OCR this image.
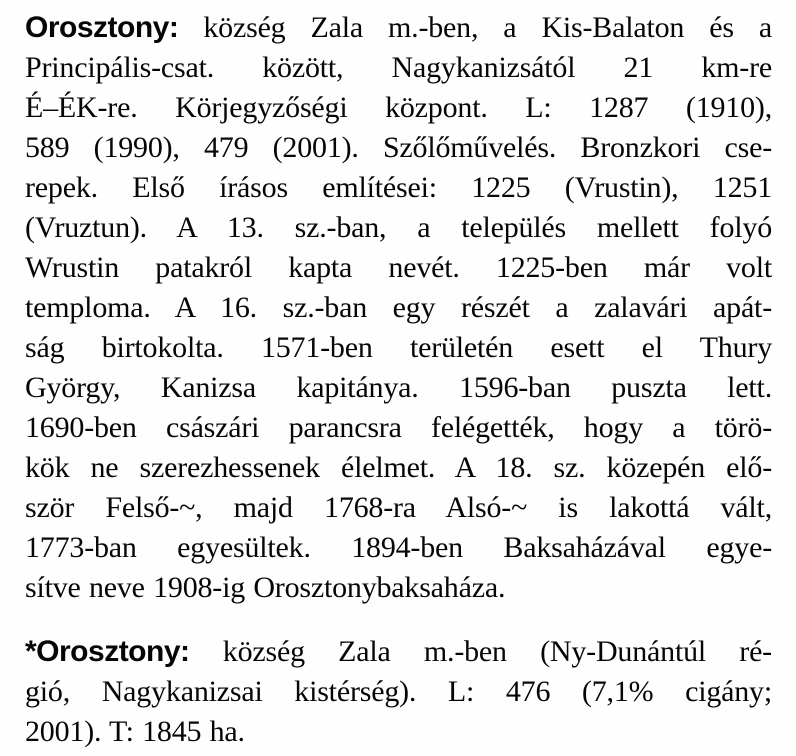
Orosztony: község Zala m.-ben, a Kis-Balaton és a
Principális-csat. között, Nagykanizsától 21 km-re
É–ÉK-re. Körjegyzőségi központ. L: 1287 (1910),
589 (1990), 479 (2001). Szőlőművelés. Bronzkori cse-
repek. Első írásos említései: 1225 (Vrustin), 1251
(Vruztun). A 13. sz.-ban, a település mellett folyó
Wrustin patakról kapta nevét. 1225-ben már volt
temploma. A 16. sz.-ban egy részét a zalavári apát-
ság birtokolta. 1571-ben területén esett el Thury
György, Kanizsa kapitánya. 1596-ban puszta lett.
1690-ben császári parancsra felégették, hogy a törö-
kök ne szerezhessenek élelmet. A 18. sz. közepén elő-
ször Felső-~, majd 1768-ra Alsó-~ is lakottá vált,
1773-ban egyesültek. 1894-ben Baksaházával egye-
sítve neve 1908-ig Orosztonybaksaháza.
*Orosztony: község Zala m.-ben (Ny-Dunántúl ré-
gió, Nagykanizsai kistérség). L: 476 (7,1% cigány;
2001). T: 1845 ha.
